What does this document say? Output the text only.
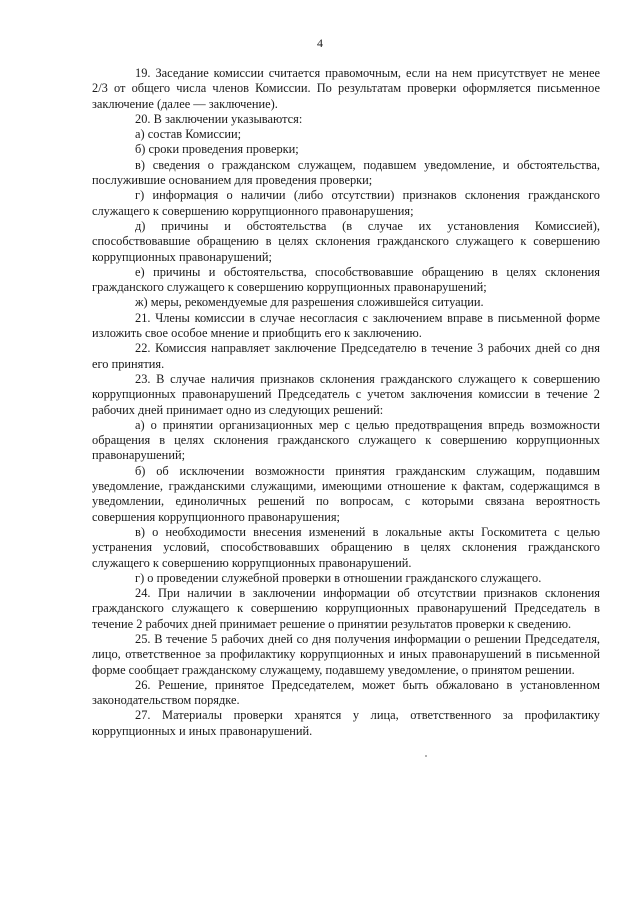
4

19. Заседание комиссии считается правомочным, если на нем присутствует не менее 2/3 от общего числа членов Комиссии. По результатам проверки оформляется письменное заключение (далее — заключение).

20. В заключении указываются:

а) состав Комиссии;

б) сроки проведения проверки;

в) сведения о гражданском служащем, подавшем уведомление, и обстоятельства, послужившие основанием для проведения проверки;

г) информация о наличии (либо отсутствии) признаков склонения гражданского служащего к совершению коррупционного правонарушения;

д) причины и обстоятельства (в случае их установления Комиссией), способствовавшие обращению в целях склонения гражданского служащего к совершению коррупционных правонарушений;

е) причины и обстоятельства, способствовавшие обращению в целях склонения гражданского служащего к совершению коррупционных правонарушений;

ж) меры, рекомендуемые для разрешения сложившейся ситуации.

21. Члены комиссии в случае несогласия с заключением вправе в письменной форме изложить свое особое мнение и приобщить его к заключению.

22. Комиссия направляет заключение Председателю в течение 3 рабочих дней со дня его принятия.

23. В случае наличия признаков склонения гражданского служащего к совершению коррупционных правонарушений Председатель с учетом заключения комиссии в течение 2 рабочих дней принимает одно из следующих решений:

а) о принятии организационных мер с целью предотвращения впредь возможности обращения в целях склонения гражданского служащего к совершению коррупционных правонарушений;

б) об исключении возможности принятия гражданским служащим, подавшим уведомление, гражданскими служащими, имеющими отношение к фактам, содержащимся в уведомлении, единоличных решений по вопросам, с которыми связана вероятность совершения коррупционного правонарушения;

в) о необходимости внесения изменений в локальные акты Госкомитета с целью устранения условий, способствовавших обращению в целях склонения гражданского служащего к совершению коррупционных правонарушений.

г) о проведении служебной проверки в отношении гражданского служащего.

24. При наличии в заключении информации об отсутствии признаков склонения гражданского служащего к совершению коррупционных правонарушений Председатель в течение 2 рабочих дней принимает решение о принятии результатов проверки к сведению.

25. В течение 5 рабочих дней со дня получения информации о решении Председателя, лицо, ответственное за профилактику коррупционных и иных правонарушений в письменной форме сообщает гражданскому служащему, подавшему уведомление, о принятом решении.

26. Решение, принятое Председателем, может быть обжаловано в установленном законодательством порядке.

27. Материалы проверки хранятся у лица, ответственного за профилактику коррупционных и иных правонарушений.
